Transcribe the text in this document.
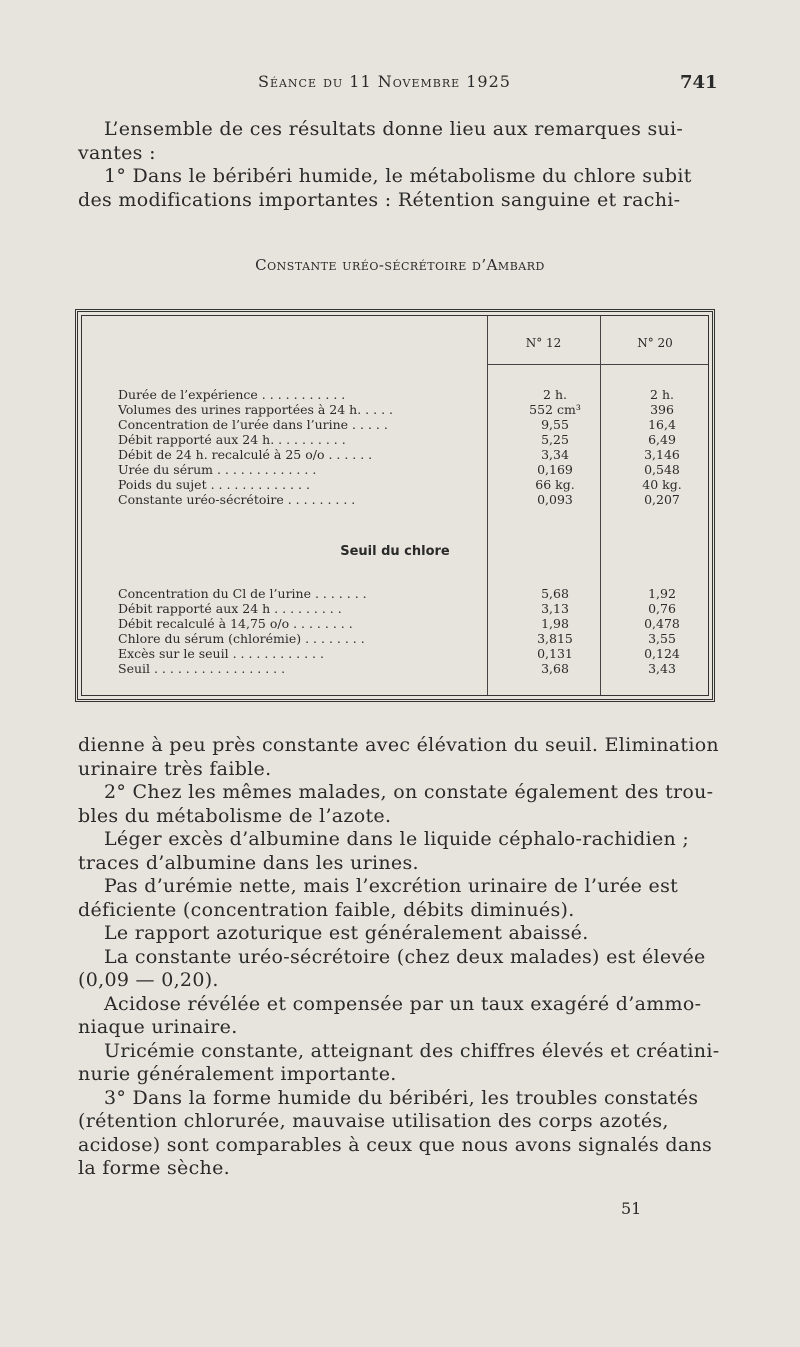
Séance du 11 Novembre 1925	741
L’ensemble de ces résultats donne lieu aux remarques sui-
vantes :
1° Dans le béribéri humide, le métabolisme du chlore subit
des modifications importantes : Rétention sanguine et rachi-
Constante uréo-sécrétoire d’Ambard
N° 12	N° 20
Durée de l’expérience . . . . . . . . . . .	2 h.	2 h.
Volumes des urines rapportées à 24 h. . . . .	552 cm³	396
Concentration de l’urée dans l’urine . . . . .	9,55	16,4
Débit rapporté aux 24 h. . . . . . . . . .	5,25	6,49
Débit de 24 h. recalculé à 25 o/o . . . . . .	3,34	3,146
Urée du sérum . . . . . . . . . . . . .	0,169	0,548
Poids du sujet . . . . . . . . . . . . .	66 kg.	40 kg.
Constante uréo-sécrétoire . . . . . . . . .	0,093	0,207
Seuil du chlore
Concentration du Cl de l’urine . . . . . . .	5,68	1,92
Débit rapporté aux 24 h . . . . . . . . .	3,13	0,76
Débit recalculé à 14,75 o/o . . . . . . . .	1,98	0,478
Chlore du sérum (chlorémie) . . . . . . . .	3,815	3,55
Excès sur le seuil . . . . . . . . . . . .	0,131	0,124
Seuil . . . . . . . . . . . . . . . . .	3,68	3,43
dienne à peu près constante avec élévation du seuil. Elimination
urinaire très faible.
2° Chez les mêmes malades, on constate également des trou-
bles du métabolisme de l’azote.
Léger excès d’albumine dans le liquide céphalo-rachidien ;
traces d’albumine dans les urines.
Pas d’urémie nette, mais l’excrétion urinaire de l’urée est
déficiente (concentration faible, débits diminués).
Le rapport azoturique est généralement abaissé.
La constante uréo-sécrétoire (chez deux malades) est élevée
(0,09 — 0,20).
Acidose révélée et compensée par un taux exagéré d’ammo-
niaque urinaire.
Uricémie constante, atteignant des chiffres élevés et créatini-
nurie généralement importante.
3° Dans la forme humide du béribéri, les troubles constatés
(rétention chlorurée, mauvaise utilisation des corps azotés,
acidose) sont comparables à ceux que nous avons signalés dans
la forme sèche.
51
